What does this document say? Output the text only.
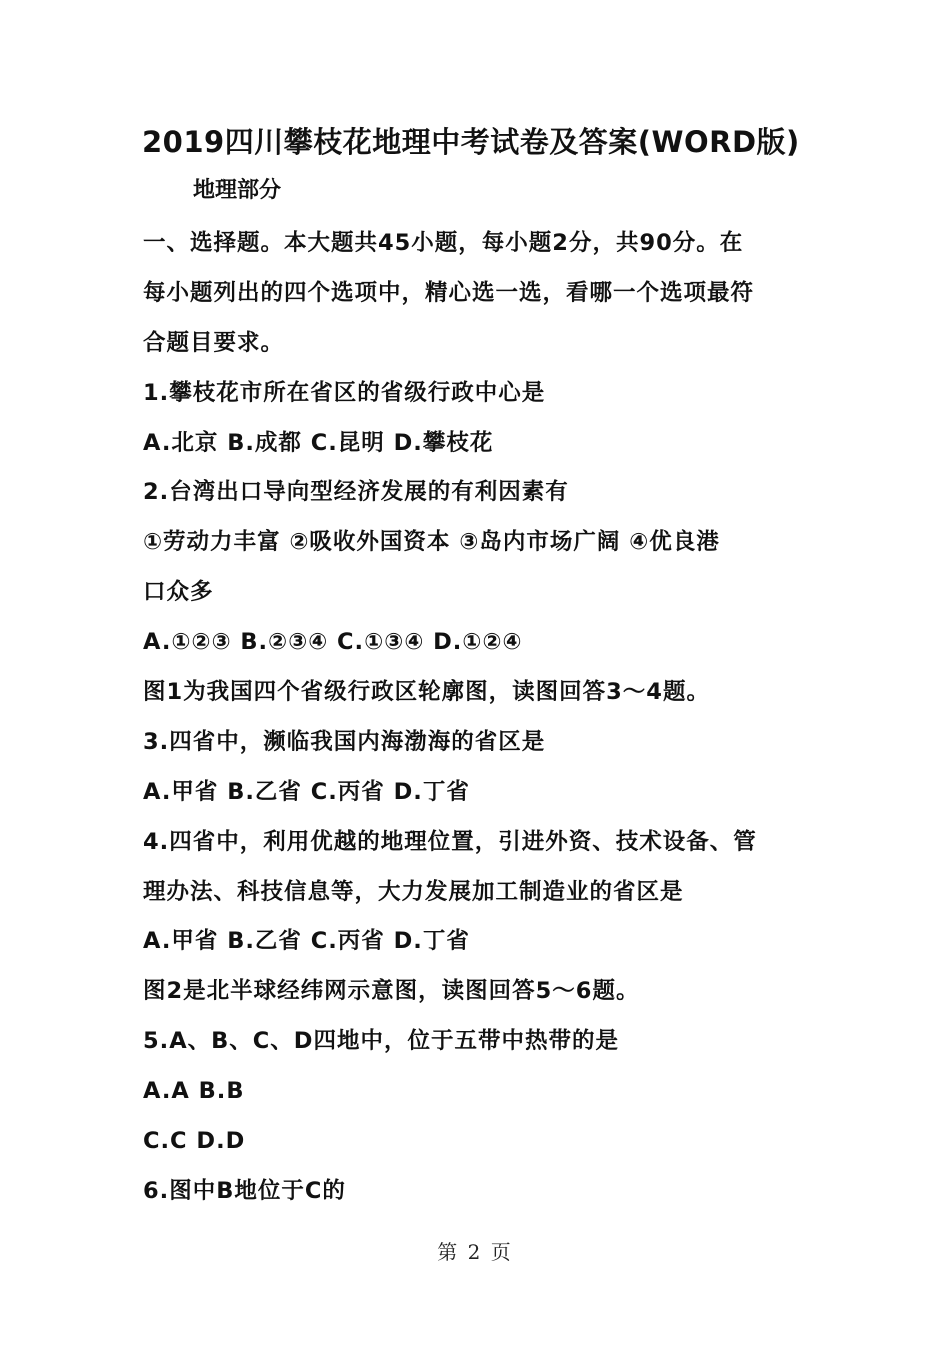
2019四川攀枝花地理中考试卷及答案(WORD版)
地理部分
一、选择题。本大题共45小题，每小题2分，共90分。在
每小题列出的四个选项中，精心选一选，看哪一个选项最符
合题目要求。
1.攀枝花市所在省区的省级行政中心是
A.北京 B.成都 C.昆明 D.攀枝花
2.台湾出口导向型经济发展的有利因素有
①劳动力丰富 ②吸收外国资本 ③岛内市场广阔 ④优良港
口众多
A.①②③ B.②③④ C.①③④ D.①②④
图1为我国四个省级行政区轮廓图，读图回答3～4题。
3.四省中，濒临我国内海渤海的省区是
A.甲省 B.乙省 C.丙省 D.丁省
4.四省中，利用优越的地理位置，引进外资、技术设备、管
理办法、科技信息等，大力发展加工制造业的省区是
A.甲省 B.乙省 C.丙省 D.丁省
图2是北半球经纬网示意图，读图回答5～6题。
5.A、B、C、D四地中，位于五带中热带的是
A.A B.B
C.C D.D
6.图中B地位于C的
第 2 页
